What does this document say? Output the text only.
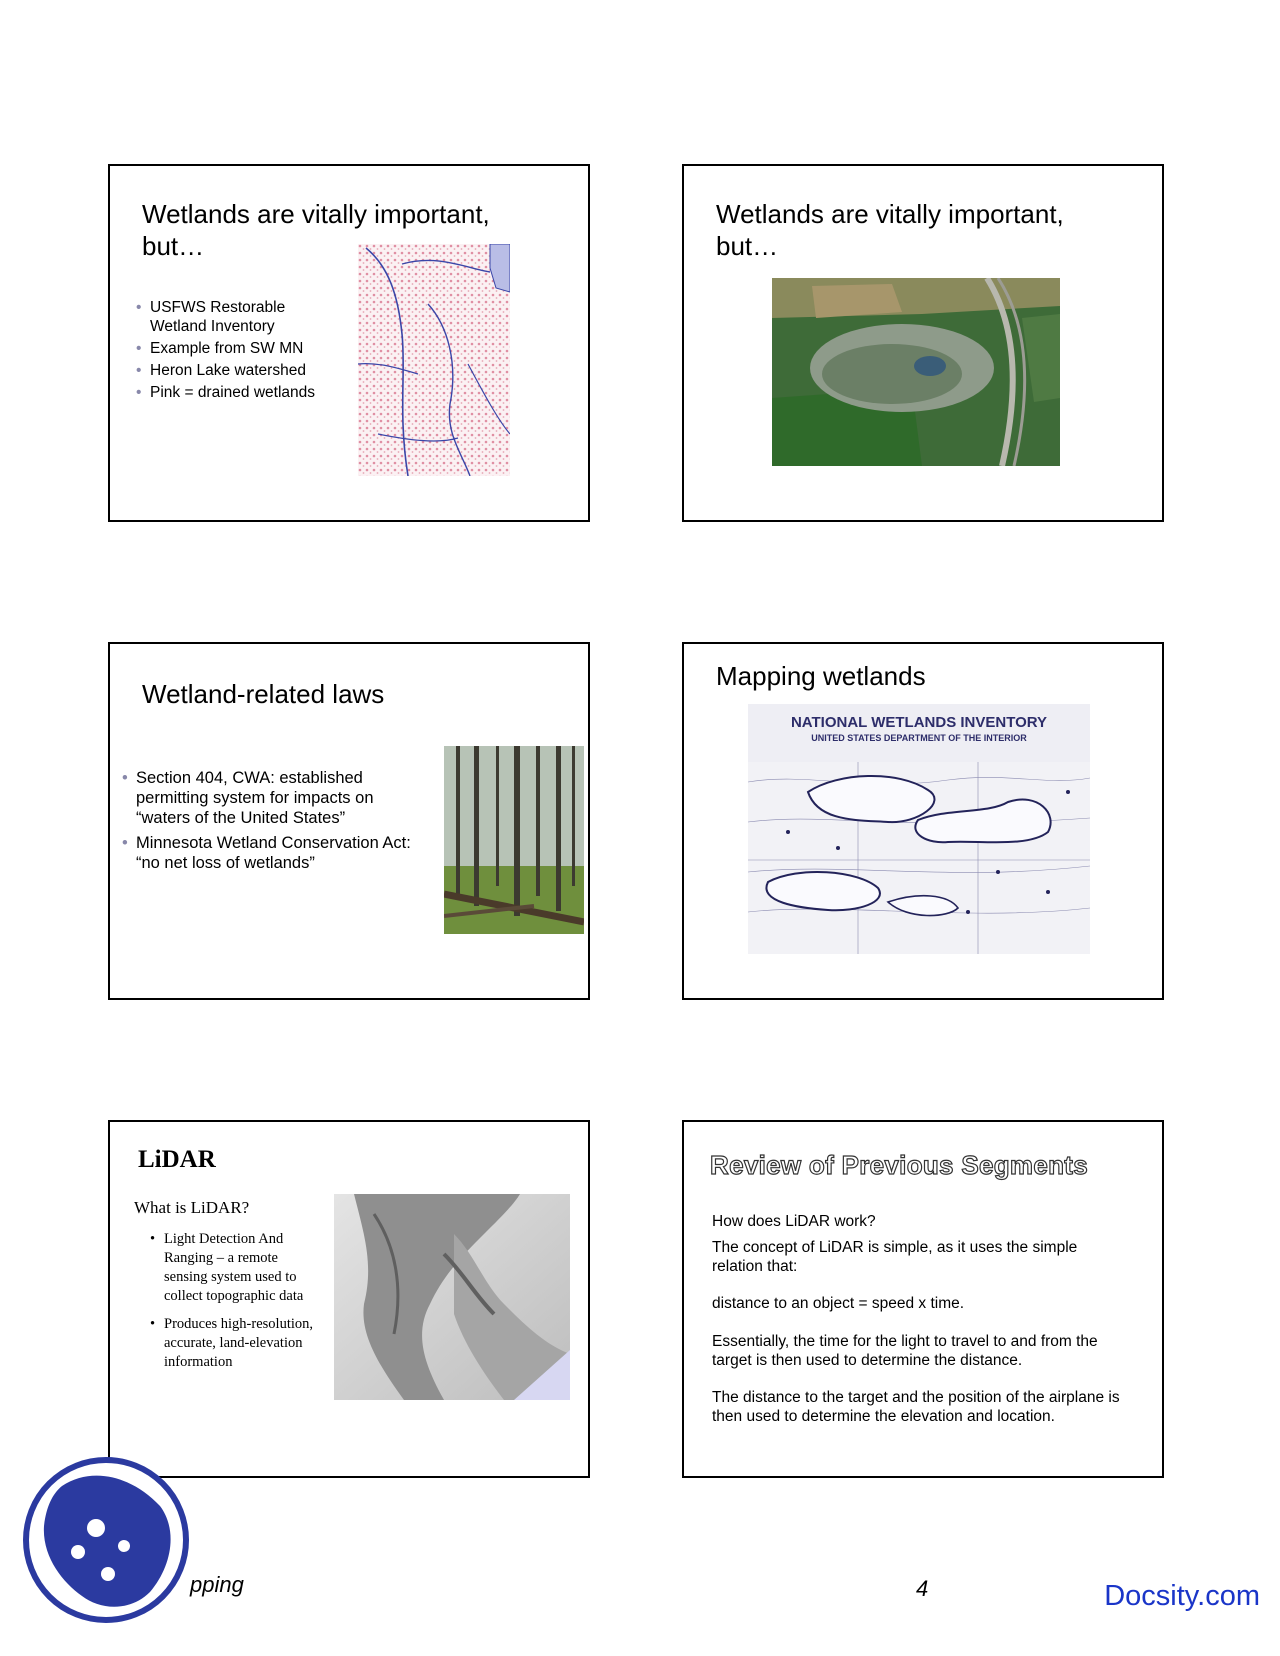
Wetlands are vitally important, but…
• USFWS Restorable Wetland Inventory
• Example from SW MN
• Heron Lake watershed
• Pink = drained wetlands
Wetlands are vitally important, but…
Wetland-related laws
• Section 404, CWA: established permitting system for impacts on “waters of the United States”
• Minnesota Wetland Conservation Act: “no net loss of wetlands”
Mapping wetlands
NATIONAL WETLANDS INVENTORY
UNITED STATES DEPARTMENT OF THE INTERIOR
LiDAR
What is LiDAR?
• Light Detection And Ranging – a remote sensing system used to collect topographic data
• Produces high-resolution, accurate, land-elevation information
Review of Previous Segments
How does LiDAR work?
The concept of LiDAR is simple, as it uses the simple relation that:
distance to an object = speed x time.
Essentially, the time for the light to travel to and from the target is then used to determine the distance.
The distance to the target and the position of the airplane is then used to determine the elevation and location.
pping	4	Docsity.com
